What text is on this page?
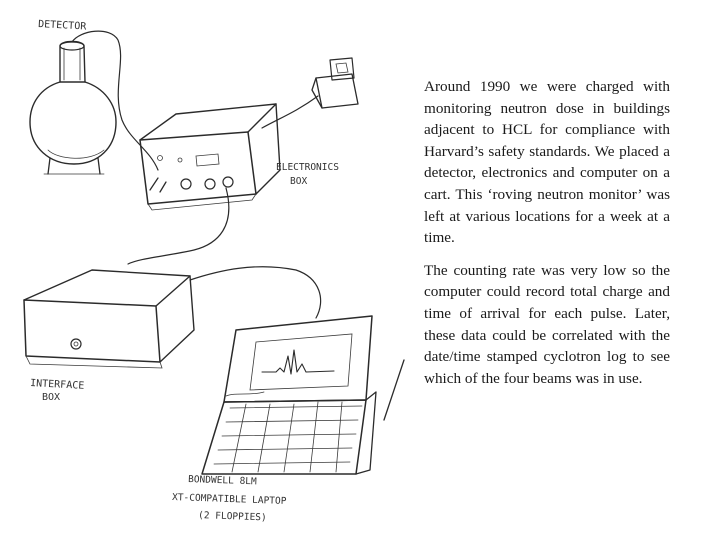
DETECTOR
ELECTRONICS
BOX
INTERFACE
BOX
BONDWELL 8LM
XT-COMPATIBLE LAPTOP
(2 FLOPPIES)

Around 1990 we were charged with monitoring neutron dose in buildings adjacent to HCL for compliance with Harvard’s safety standards. We placed a detector, electronics and computer on a cart. This ‘roving neutron monitor’ was left at various locations for a week at a time.

The counting rate was very low so the computer could record total charge and time of arrival for each pulse. Later, these data could be correlated with the date/time stamped cyclotron log to see which of the four beams was in use.
